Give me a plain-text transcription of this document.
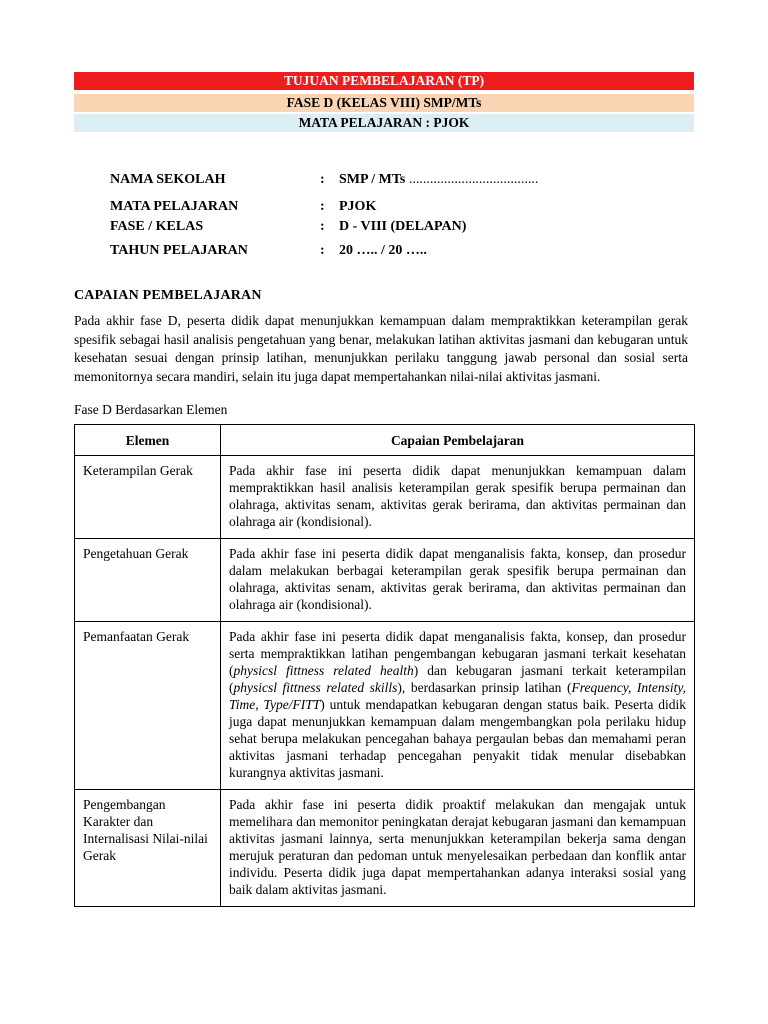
TUJUAN PEMBELAJARAN (TP)
FASE D (KELAS VIII) SMP/MTs
MATA PELAJARAN : PJOK
NAMA SEKOLAH	: SMP / MTs .....................................
MATA PELAJARAN	: PJOK
FASE / KELAS	: D - VIII (DELAPAN)
TAHUN PELAJARAN	: 20 ….. / 20 …..
CAPAIAN PEMBELAJARAN

Pada akhir fase D, peserta didik dapat menunjukkan kemampuan dalam mempraktikkan keterampilan gerak spesifik sebagai hasil analisis pengetahuan yang benar, melakukan latihan aktivitas jasmani dan kebugaran untuk kesehatan sesuai dengan prinsip latihan, menunjukkan perilaku tanggung jawab personal dan sosial serta memonitornya secara mandiri, selain itu juga dapat mempertahankan nilai-nilai aktivitas jasmani.

Fase D Berdasarkan Elemen
Elemen	Capaian Pembelajaran
Keterampilan Gerak	Pada akhir fase ini peserta didik dapat menunjukkan kemampuan dalam mempraktikkan hasil analisis keterampilan gerak spesifik berupa permainan dan olahraga, aktivitas senam, aktivitas gerak berirama, dan aktivitas permainan dan olahraga air (kondisional).
Pengetahuan Gerak	Pada akhir fase ini peserta didik dapat menganalisis fakta, konsep, dan prosedur dalam melakukan berbagai keterampilan gerak spesifik berupa permainan dan olahraga, aktivitas senam, aktivitas gerak berirama, dan aktivitas permainan dan olahraga air (kondisional).
Pemanfaatan Gerak	Pada akhir fase ini peserta didik dapat menganalisis fakta, konsep, dan prosedur serta mempraktikkan latihan pengembangan kebugaran jasmani terkait kesehatan (physicsl fittness related health) dan kebugaran jasmani terkait keterampilan (physicsl fittness related skills), berdasarkan prinsip latihan (Frequency, Intensity, Time, Type/FITT) untuk mendapatkan kebugaran dengan status baik. Peserta didik juga dapat menunjukkan kemampuan dalam mengembangkan pola perilaku hidup sehat berupa melakukan pencegahan bahaya pergaulan bebas dan memahami peran aktivitas jasmani terhadap pencegahan penyakit tidak menular disebabkan kurangnya aktivitas jasmani.
Pengembangan Karakter dan Internalisasi Nilai-nilai Gerak	Pada akhir fase ini peserta didik proaktif melakukan dan mengajak untuk memelihara dan memonitor peningkatan derajat kebugaran jasmani dan kemampuan aktivitas jasmani lainnya, serta menunjukkan keterampilan bekerja sama dengan merujuk peraturan dan pedoman untuk menyelesaikan perbedaan dan konflik antar individu. Peserta didik juga dapat mempertahankan adanya interaksi sosial yang baik dalam aktivitas jasmani.
